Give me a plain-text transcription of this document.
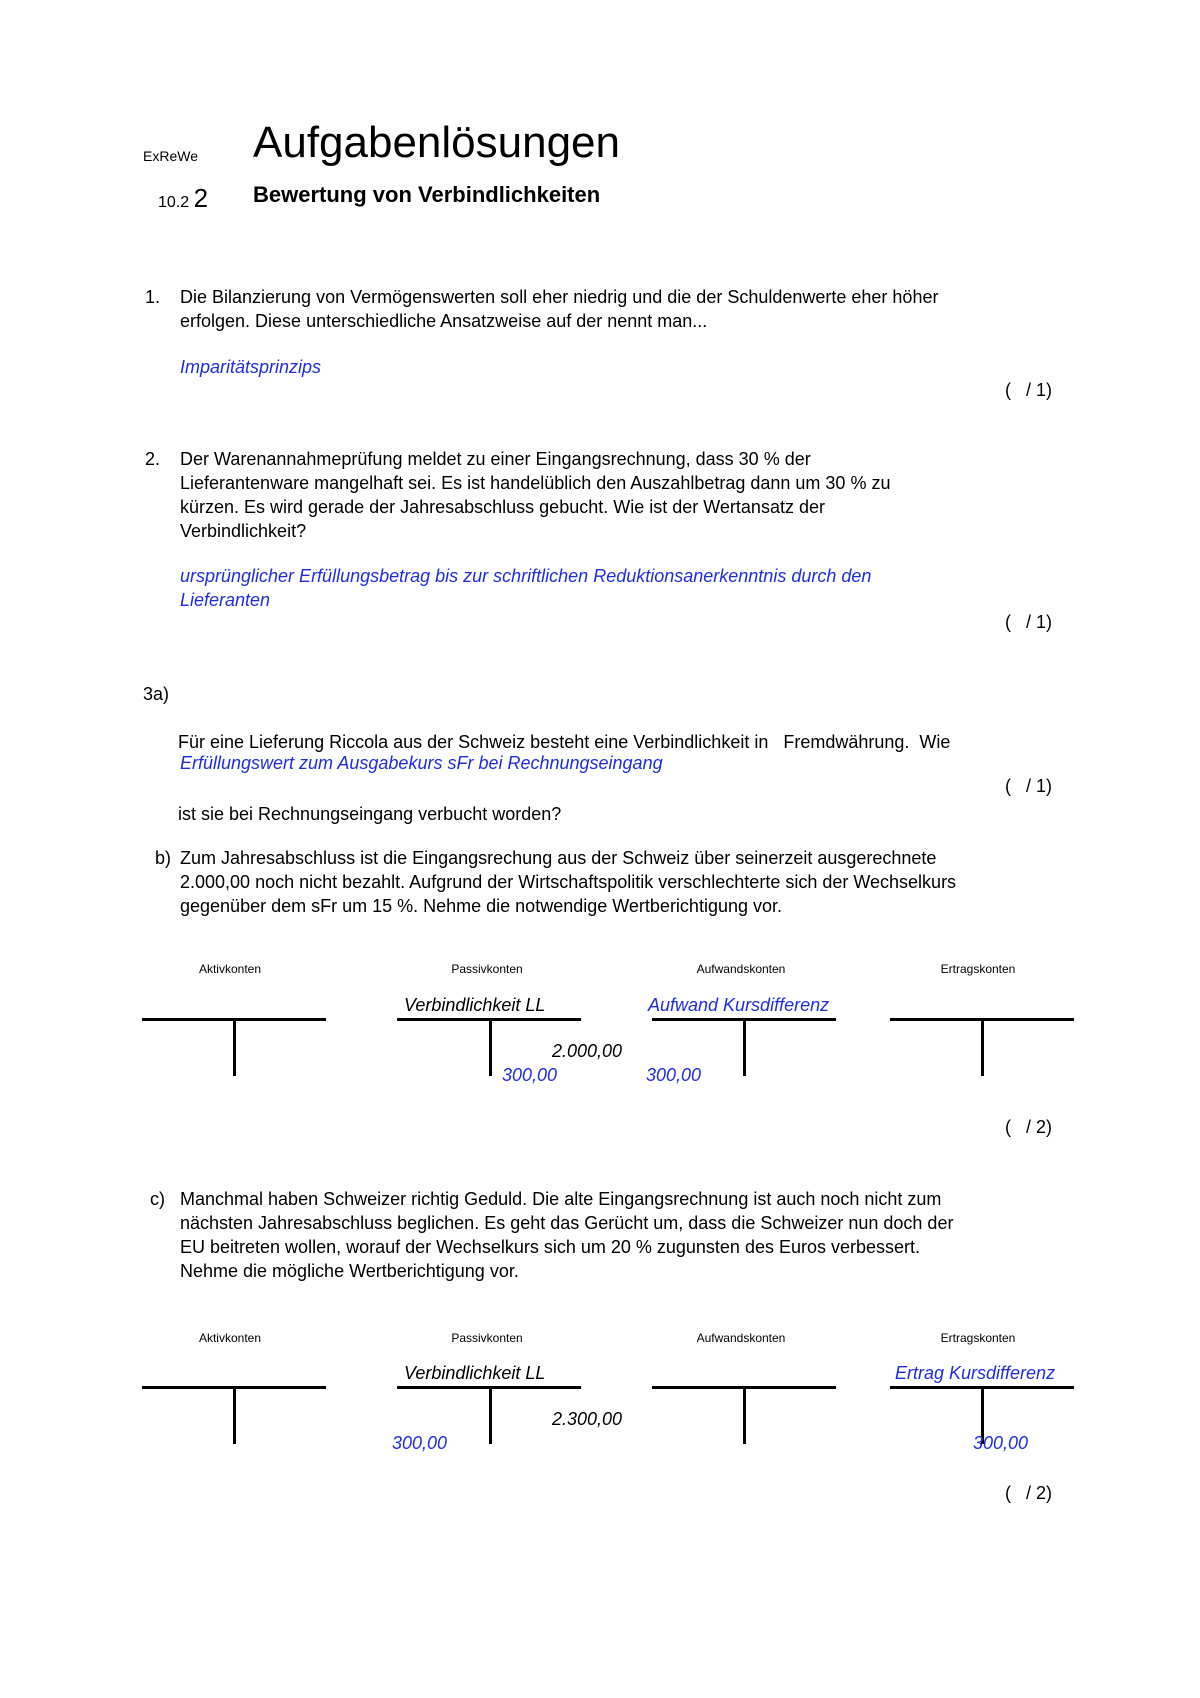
ExReWe Aufgabenlösungen
10.2 2 Bewertung von Verbindlichkeiten
1. Die Bilanzierung von Vermögenswerten soll eher niedrig und die der Schuldenwerte eher höher
erfolgen. Diese unterschiedliche Ansatzweise auf der nennt man...
Imparitätsprinzips
(   / 1)
2. Der Warenannahmeprüfung meldet zu einer Eingangsrechnung, dass 30 % der
Lieferantenware mangelhaft sei. Es ist handelüblich den Auszahlbetrag dann um 30 % zu
kürzen. Es wird gerade der Jahresabschluss gebucht. Wie ist der Wertansatz der
Verbindlichkeit?
ursprünglicher Erfüllungsbetrag bis zur schriftlichen Reduktionsanerkenntnis durch den
Lieferanten
(   / 1)
3a)

Für eine Lieferung Riccola aus der Schweiz besteht eine Verbindlichkeit in   Fremdwährung.  Wie

ist sie bei Rechnungseingang verbucht worden?

Erfüllungswert zum Ausgabekurs sFr bei Rechnungseingang
(   / 1)
b) Zum Jahresabschluss ist die Eingangsrechung aus der Schweiz über seinerzeit ausgerechnete
2.000,00 noch nicht bezahlt. Aufgrund der Wirtschaftspolitik verschlechterte sich der Wechselkurs
gegenüber dem sFr um 15 %. Nehme die notwendige Wertberichtigung vor.
Aktivkonten	Passivkonten	Aufwandskonten	Ertragskonten
Verbindlichkeit LL
2.000,00
300,00
Aufwand Kursdifferenz
300,00
(   / 2)
c) Manchmal haben Schweizer richtig Geduld. Die alte Eingangsrechnung ist auch noch nicht zum
nächsten Jahresabschluss beglichen. Es geht das Gerücht um, dass die Schweizer nun doch der
EU beitreten wollen, worauf der Wechselkurs sich um 20 % zugunsten des Euros verbessert.
Nehme die mögliche Wertberichtigung vor.
Aktivkonten	Passivkonten	Aufwandskonten	Ertragskonten
Verbindlichkeit LL
2.300,00
300,00
Ertrag Kursdifferenz
300,00
(   / 2)
